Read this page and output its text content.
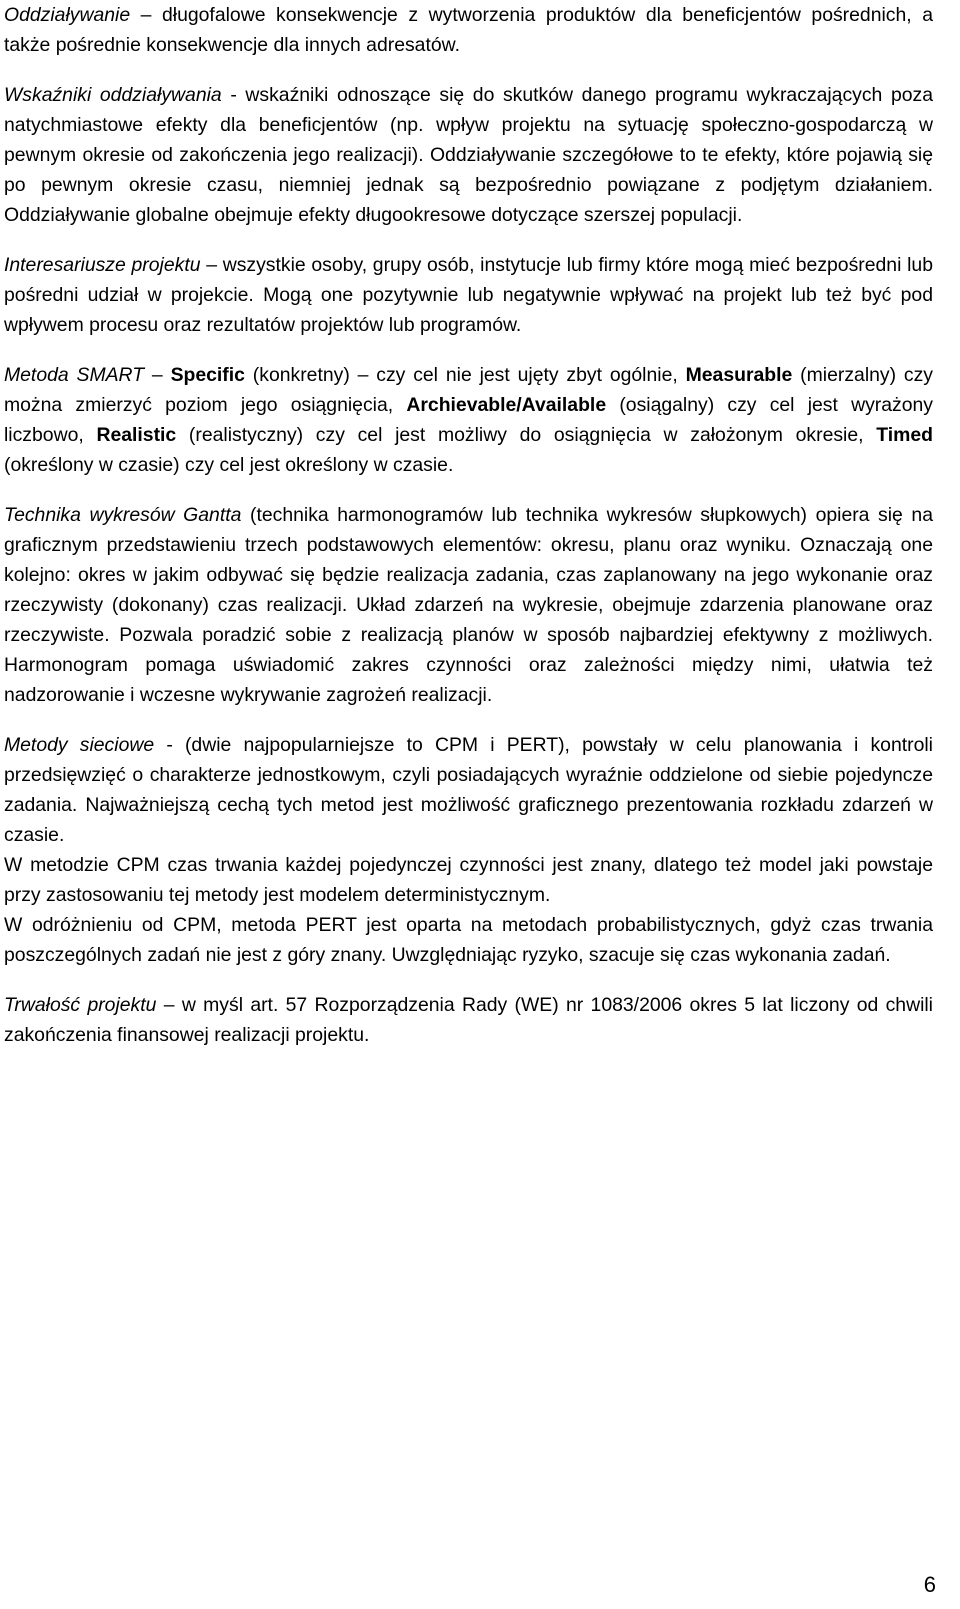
Oddziaływanie – długofalowe konsekwencje z wytworzenia produktów dla beneficjentów pośrednich, a także pośrednie konsekwencje dla innych adresatów.

Wskaźniki oddziaływania - wskaźniki odnoszące się do skutków danego programu wykraczających poza natychmiastowe efekty dla beneficjentów (np. wpływ projektu na sytuację społeczno-gospodarczą w pewnym okresie od zakończenia jego realizacji). Oddziaływanie szczegółowe to te efekty, które pojawią się po pewnym okresie czasu, niemniej jednak są bezpośrednio powiązane z podjętym działaniem. Oddziaływanie globalne obejmuje efekty długookresowe dotyczące szerszej populacji.

Interesariusze projektu – wszystkie osoby, grupy osób, instytucje lub firmy które mogą mieć bezpośredni lub pośredni udział w projekcie. Mogą one pozytywnie lub negatywnie wpływać na projekt lub też być pod wpływem procesu oraz rezultatów projektów lub programów.

Metoda SMART – Specific (konkretny) – czy cel nie jest ujęty zbyt ogólnie, Measurable (mierzalny) czy można zmierzyć poziom jego osiągnięcia, Archievable/Available (osiągalny) czy cel jest wyrażony liczbowo, Realistic (realistyczny) czy cel jest możliwy do osiągnięcia w założonym okresie, Timed (określony w czasie) czy cel jest określony w czasie.

Technika wykresów Gantta (technika harmonogramów lub technika wykresów słupkowych) opiera się na graficznym przedstawieniu trzech podstawowych elementów: okresu, planu oraz wyniku. Oznaczają one kolejno: okres w jakim odbywać się będzie realizacja zadania, czas zaplanowany na jego wykonanie oraz rzeczywisty (dokonany) czas realizacji. Układ zdarzeń na wykresie, obejmuje zdarzenia planowane oraz rzeczywiste. Pozwala poradzić sobie z realizacją planów w sposób najbardziej efektywny z możliwych. Harmonogram pomaga uświadomić zakres czynności oraz zależności między nimi, ułatwia też nadzorowanie i wczesne wykrywanie zagrożeń realizacji.

Metody sieciowe - (dwie najpopularniejsze to CPM i PERT), powstały w celu planowania i kontroli przedsięwzięć o charakterze jednostkowym, czyli posiadających wyraźnie oddzielone od siebie pojedyncze zadania. Najważniejszą cechą tych metod jest możliwość graficznego prezentowania rozkładu zdarzeń w czasie.

W metodzie CPM czas trwania każdej pojedynczej czynności jest znany, dlatego też model jaki powstaje przy zastosowaniu tej metody jest modelem deterministycznym.

W odróżnieniu od CPM, metoda PERT jest oparta na metodach probabilistycznych, gdyż czas trwania poszczególnych zadań nie jest z góry znany. Uwzględniając ryzyko, szacuje się czas wykonania zadań.

Trwałość projektu – w myśl art. 57 Rozporządzenia Rady (WE) nr 1083/2006 okres 5 lat liczony od chwili zakończenia finansowej realizacji projektu.

6
